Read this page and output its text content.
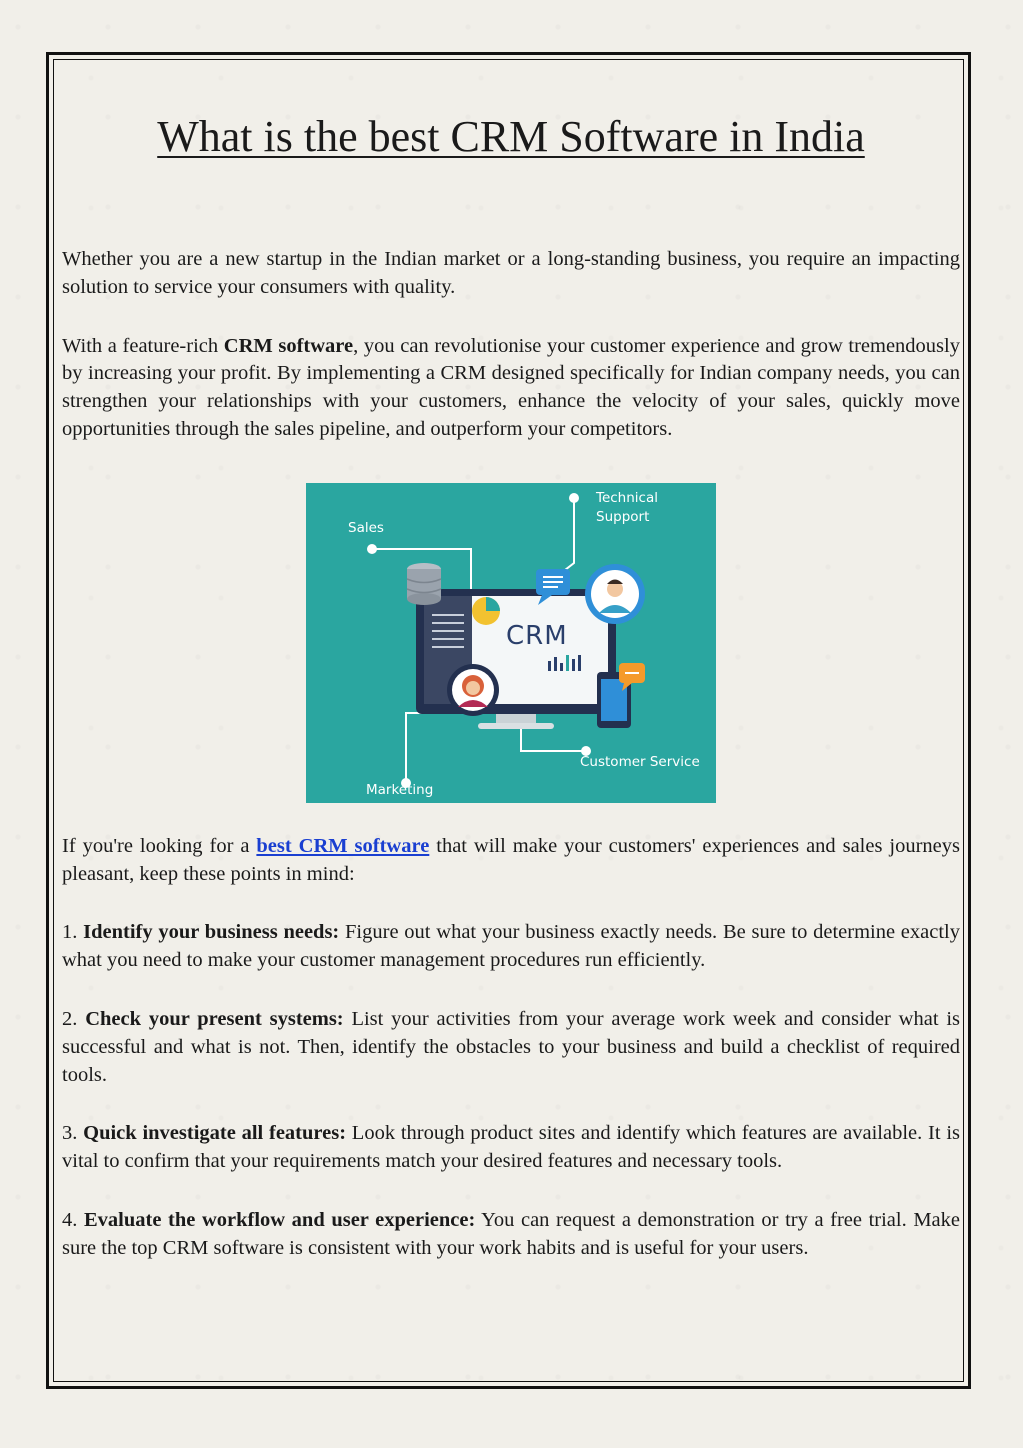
What is the best CRM Software in India

Whether you are a new startup in the Indian market or a long-standing business, you require an impacting solution to service your consumers with quality.

With a feature-rich CRM software, you can revolutionise your customer experience and grow tremendously by increasing your profit. By implementing a CRM designed specifically for Indian company needs, you can strengthen your relationships with your customers, enhance the velocity of your sales, quickly move opportunities through the sales pipeline, and outperform your competitors.

Sales
Technical
Support
CRM
Customer Service
Marketing

If you're looking for a best CRM software that will make your customers' experiences and sales journeys pleasant, keep these points in mind:

1. Identify your business needs: Figure out what your business exactly needs. Be sure to determine exactly what you need to make your customer management procedures run efficiently.

2. Check your present systems: List your activities from your average work week and consider what is successful and what is not. Then, identify the obstacles to your business and build a checklist of required tools.

3. Quick investigate all features: Look through product sites and identify which features are available. It is vital to confirm that your requirements match your desired features and necessary tools.

4. Evaluate the workflow and user experience: You can request a demonstration or try a free trial. Make sure the top CRM software is consistent with your work habits and is useful for your users.
